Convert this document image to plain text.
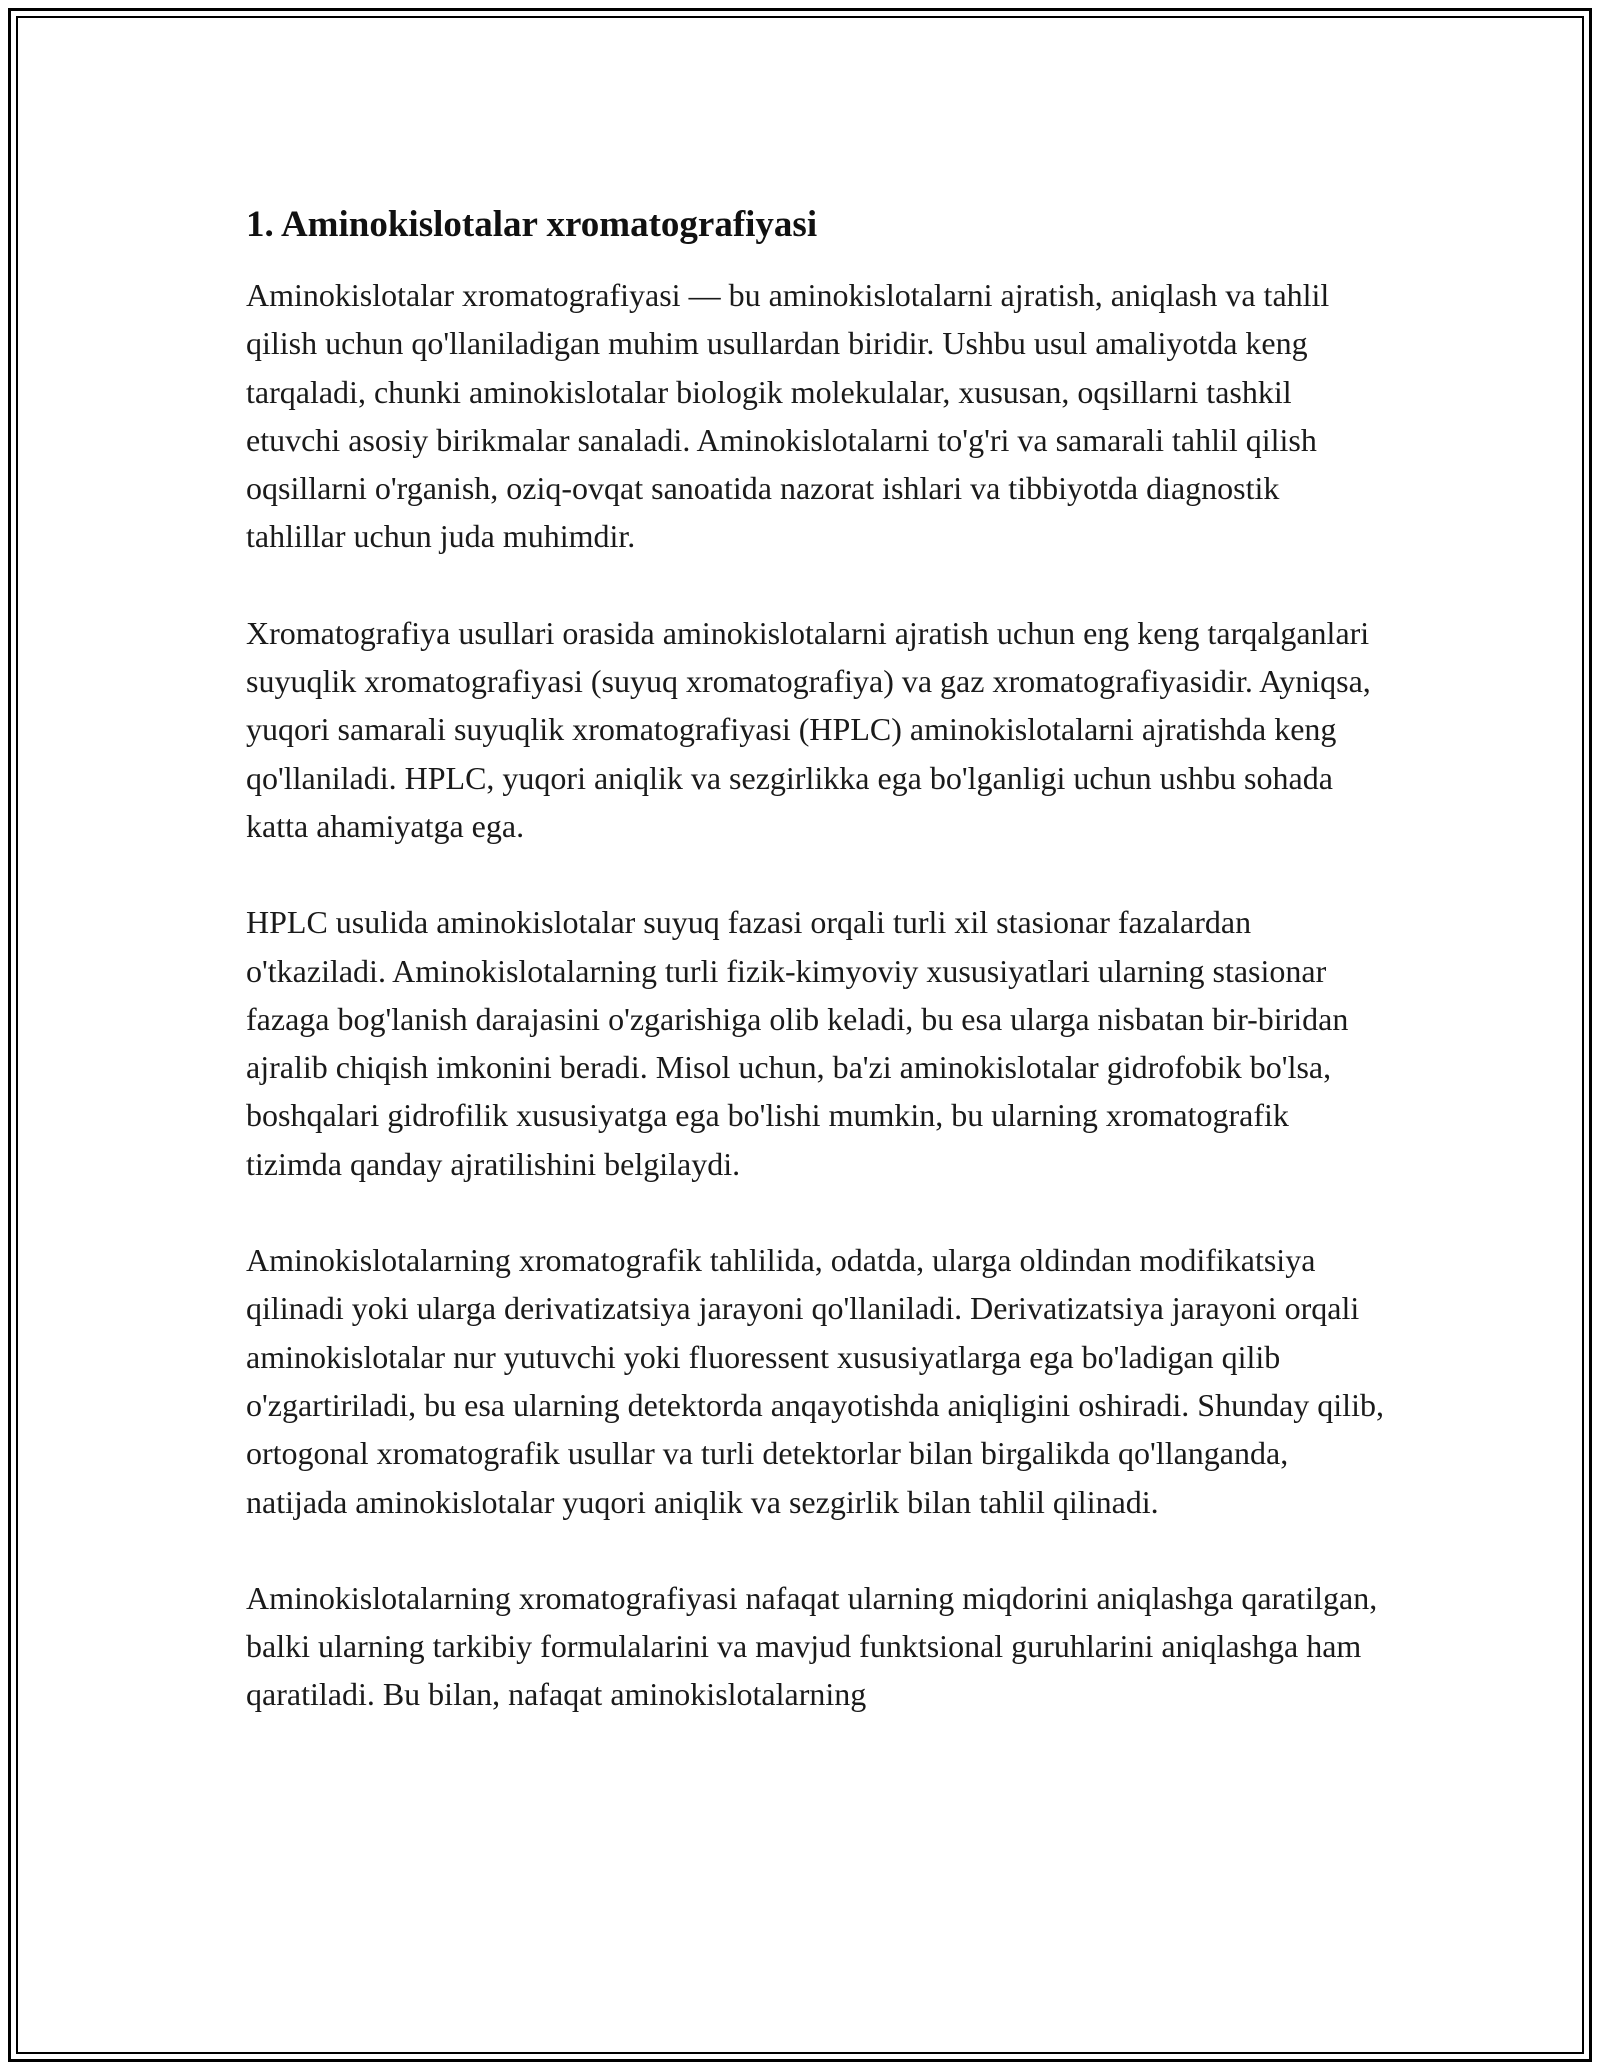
1. Aminokislotalar xromatografiyasi

Aminokislotalar xromatografiyasi — bu aminokislotalarni ajratish, aniqlash va tahlil qilish uchun qo'llaniladigan muhim usullardan biridir. Ushbu usul amaliyotda keng tarqaladi, chunki aminokislotalar biologik molekulalar, xususan, oqsillarni tashkil etuvchi asosiy birikmalar sanaladi. Aminokislotalarni to'g'ri va samarali tahlil qilish oqsillarni o'rganish, oziq-ovqat sanoatida nazorat ishlari va tibbiyotda diagnostik tahlillar uchun juda muhimdir.

Xromatografiya usullari orasida aminokislotalarni ajratish uchun eng keng tarqalganlari suyuqlik xromatografiyasi (suyuq xromatografiya) va gaz xromatografiyasidir. Ayniqsa, yuqori samarali suyuqlik xromatografiyasi (HPLC) aminokislotalarni ajratishda keng qo'llaniladi. HPLC, yuqori aniqlik va sezgirlikka ega bo'lganligi uchun ushbu sohada katta ahamiyatga ega.

HPLC usulida aminokislotalar suyuq fazasi orqali turli xil stasionar fazalardan o'tkaziladi. Aminokislotalarning turli fizik-kimyoviy xususiyatlari ularning stasionar fazaga bog'lanish darajasini o'zgarishiga olib keladi, bu esa ularga nisbatan bir-biridan ajralib chiqish imkonini beradi. Misol uchun, ba'zi aminokislotalar gidrofobik bo'lsa, boshqalari gidrofilik xususiyatga ega bo'lishi mumkin, bu ularning xromatografik tizimda qanday ajratilishini belgilaydi.

Aminokislotalarning xromatografik tahlilida, odatda, ularga oldindan modifikatsiya qilinadi yoki ularga derivatizatsiya jarayoni qo'llaniladi. Derivatizatsiya jarayoni orqali aminokislotalar nur yutuvchi yoki fluoressent xususiyatlarga ega bo'ladigan qilib o'zgartiriladi, bu esa ularning detektorda anqayotishda aniqligini oshiradi. Shunday qilib, ortogonal xromatografik usullar va turli detektorlar bilan birgalikda qo'llanganda, natijada aminokislotalar yuqori aniqlik va sezgirlik bilan tahlil qilinadi.

Aminokislotalarning xromatografiyasi nafaqat ularning miqdorini aniqlashga qaratilgan, balki ularning tarkibiy formulalarini va mavjud funktsional guruhlarini aniqlashga ham qaratiladi. Bu bilan, nafaqat aminokislotalarning
